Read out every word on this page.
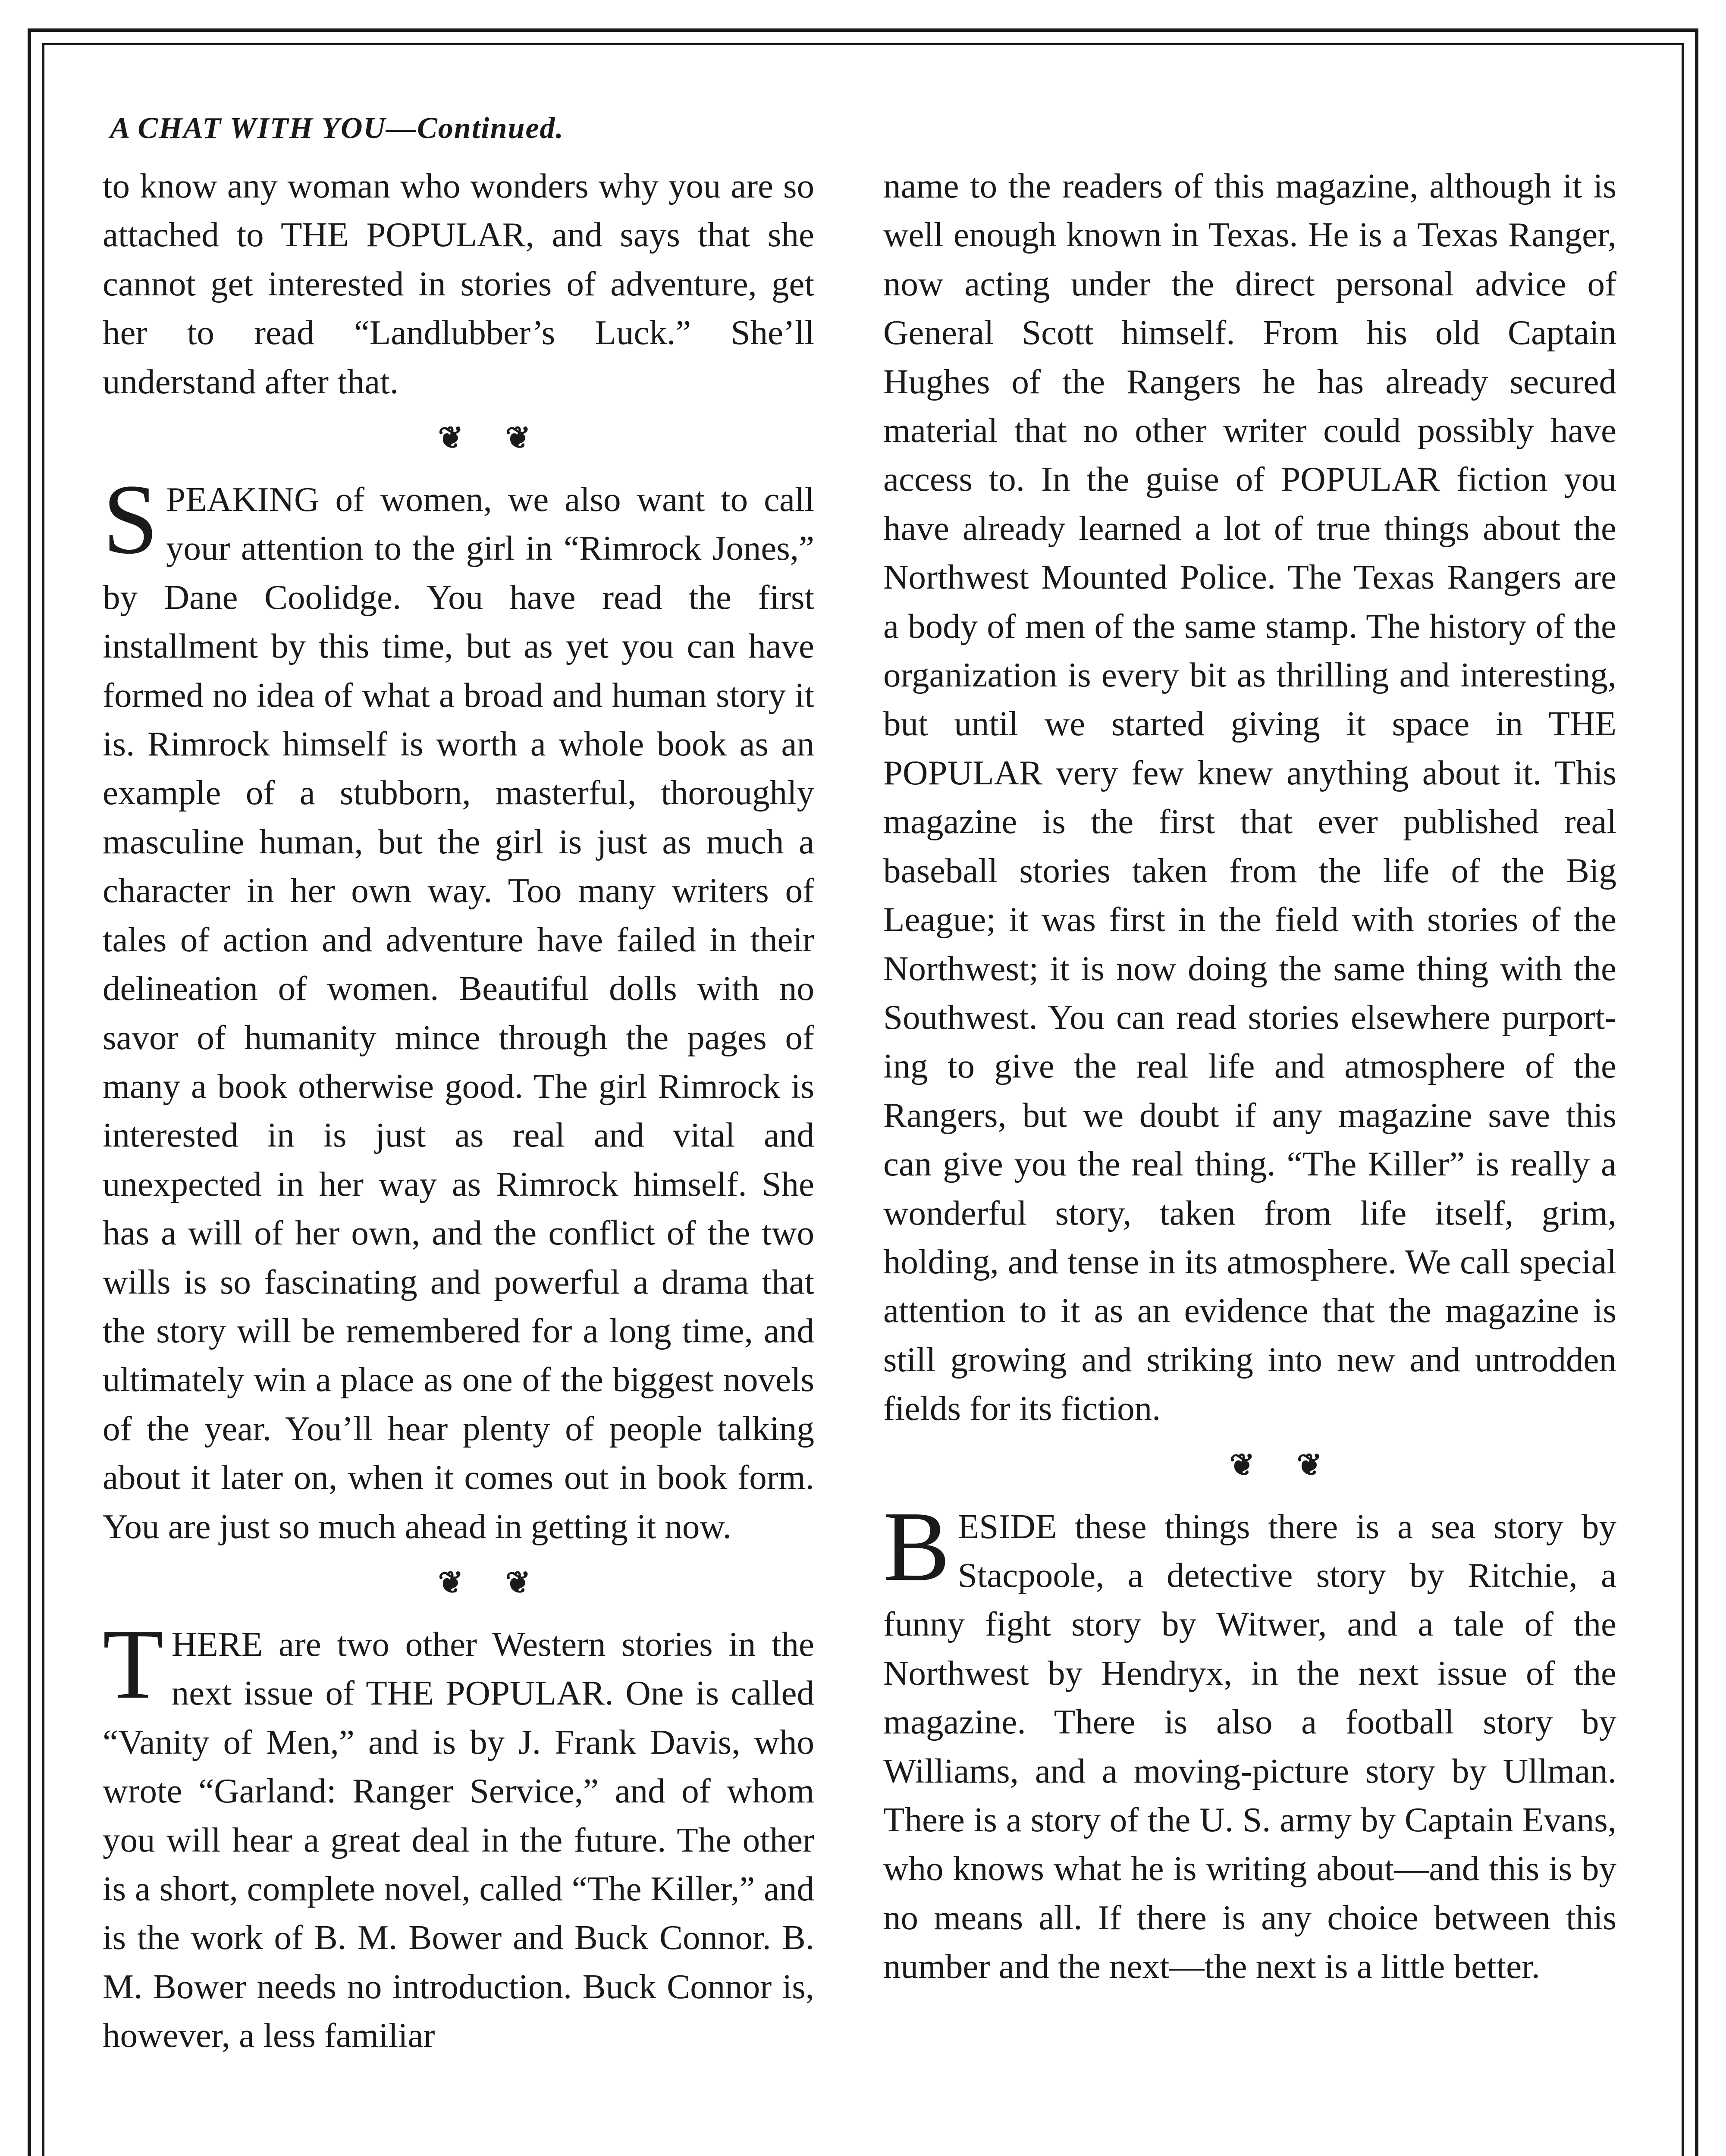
A CHAT WITH YOU—Continued.

to know any woman who wonders why you are so attached to THE POPULAR, and says that she cannot get interested in stories of adventure, get her to read “Landlubber’s Luck.” She’ll understand after that.

❦ ❦

SPEAKING of women, we also want to call your attention to the girl in “Rimrock Jones,” by Dane Coolidge. You have read the first installment by this time, but as yet you can have formed no idea of what a broad and human story it is. Rimrock himself is worth a whole book as an example of a stubborn, masterful, thoroughly masculine human, but the girl is just as much a character in her own way. Too many writers of tales of action and adventure have failed in their delineation of women. Beautiful dolls with no savor of humanity mince through the pages of many a book otherwise good. The girl Rimrock is interested in is just as real and vital and unexpected in her way as Rimrock himself. She has a will of her own, and the conflict of the two wills is so fascinating and powerful a drama that the story will be remembered for a long time, and ultimately win a place as one of the biggest novels of the year. You’ll hear plenty of people talking about it later on, when it comes out in book form. You are just so much ahead in getting it now.

❦ ❦

THERE are two other Western stories in the next issue of THE POPULAR. One is called “Vanity of Men,” and is by J. Frank Davis, who wrote “Garland: Ranger Service,” and of whom you will hear a great deal in the future. The other is a short, complete novel, called “The Killer,” and is the work of B. M. Bower and Buck Connor. B. M. Bower needs no introduction. Buck Connor is, however, a less familiar

name to the readers of this magazine, although it is well enough known in Texas. He is a Texas Ranger, now acting under the direct personal advice of General Scott himself. From his old Captain Hughes of the Rangers he has already secured material that no other writer could possibly have access to. In the guise of POPULAR fiction you have already learned a lot of true things about the Northwest Mounted Police. The Texas Rangers are a body of men of the same stamp. The history of the organization is every bit as thrilling and interesting, but until we started giving it space in THE POPULAR very few knew anything about it. This magazine is the first that ever published real baseball stories taken from the life of the Big League; it was first in the field with stories of the Northwest; it is now doing the same thing with the Southwest. You can read stories elsewhere purporting to give the real life and atmosphere of the Rangers, but we doubt if any magazine save this can give you the real thing. “The Killer” is really a wonderful story, taken from life itself, grim, holding, and tense in its atmosphere. We call special attention to it as an evidence that the magazine is still growing and striking into new and untrodden fields for its fiction.

❦ ❦

BESIDE these things there is a sea story by Stacpoole, a detective story by Ritchie, a funny fight story by Witwer, and a tale of the Northwest by Hendryx, in the next issue of the magazine. There is also a football story by Williams, and a moving-picture story by Ullman. There is a story of the U. S. army by Captain Evans, who knows what he is writing about—and this is by no means all. If there is any choice between this number and the next—the next is a little better.
